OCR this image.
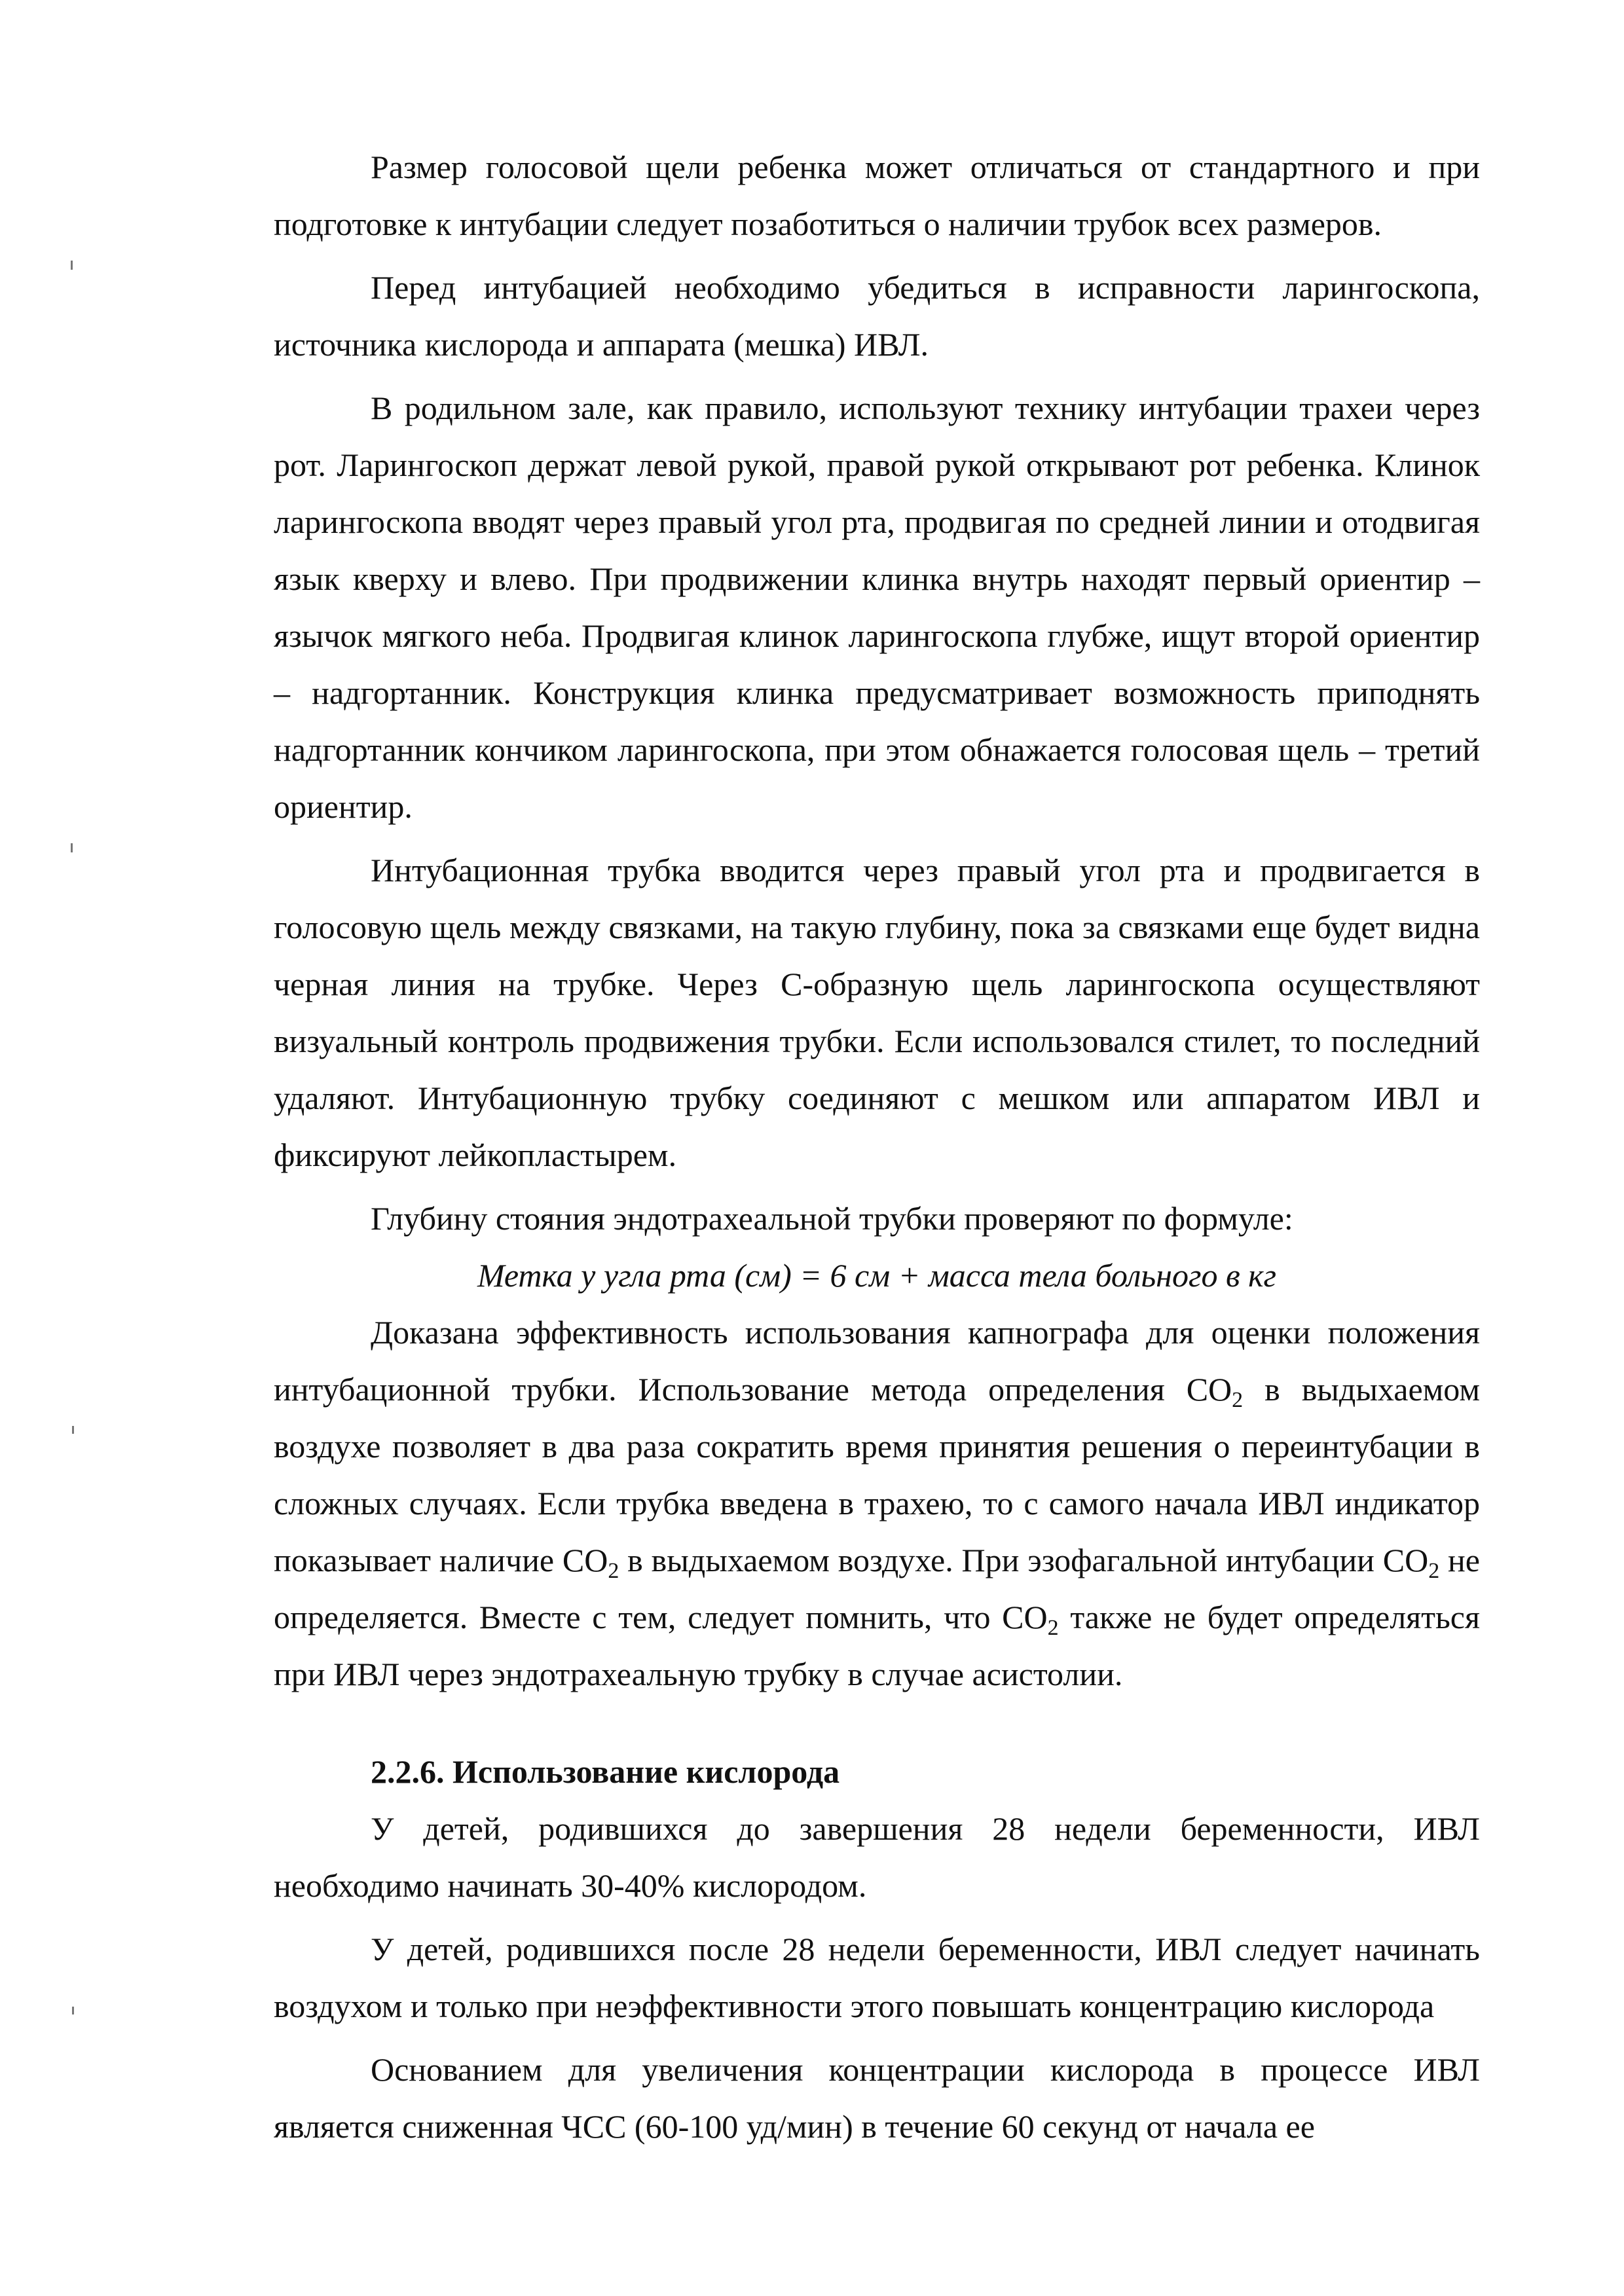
Размер голосовой щели ребенка может отличаться от стандартного и при подготовке к интубации следует позаботиться о наличии трубок всех размеров.

Перед интубацией необходимо убедиться в исправности ларингоскопа, источника кислорода и аппарата (мешка) ИВЛ.

В родильном зале, как правило, используют технику интубации трахеи через рот. Ларингоскоп держат левой рукой, правой рукой открывают рот ребенка. Клинок ларингоскопа вводят через правый угол рта, продвигая по средней линии и отодвигая язык кверху и влево. При продвижении клинка внутрь находят первый ориентир – язычок мягкого неба. Продвигая клинок ларингоскопа глубже, ищут второй ориентир – надгортанник. Конструкция клинка предусматривает возможность приподнять надгортанник кончиком ларингоскопа, при этом обнажается голосовая щель – третий ориентир.

Интубационная трубка вводится через правый угол рта и продвигается в голосовую щель между связками, на такую глубину, пока за связками еще будет видна черная линия на трубке. Через С-образную щель ларингоскопа осуществляют визуальный контроль продвижения трубки. Если использовался стилет, то последний удаляют. Интубационную трубку соединяют с мешком или аппаратом ИВЛ и фиксируют лейкопластырем.

Глубину стояния эндотрахеальной трубки проверяют по формуле:

Метка у угла рта (см) = 6 см + масса тела больного в кг

Доказана эффективность использования капнографа для оценки положения интубационной трубки. Использование метода определения $CO_2$ в выдыхаемом воздухе позволяет в два раза сократить время принятия решения о переинтубации в сложных случаях. Если трубка введена в трахею, то с самого начала ИВЛ индикатор показывает наличие $CO_2$ в выдыхаемом воздухе. При эзофагальной интубации $CO_2$ не определяется. Вместе с тем, следует помнить, что $CO_2$ также не будет определяться при ИВЛ через эндотрахеальную трубку в случае асистолии.

2.2.6. Использование кислорода

У детей, родившихся до завершения 28 недели беременности, ИВЛ необходимо начинать 30-40% кислородом.

У детей, родившихся после 28 недели беременности, ИВЛ следует начинать воздухом и только при неэффективности этого повышать концентрацию кислорода

Основанием для увеличения концентрации кислорода в процессе ИВЛ является сниженная ЧСС (60-100 уд/мин) в течение 60 секунд от начала ее
